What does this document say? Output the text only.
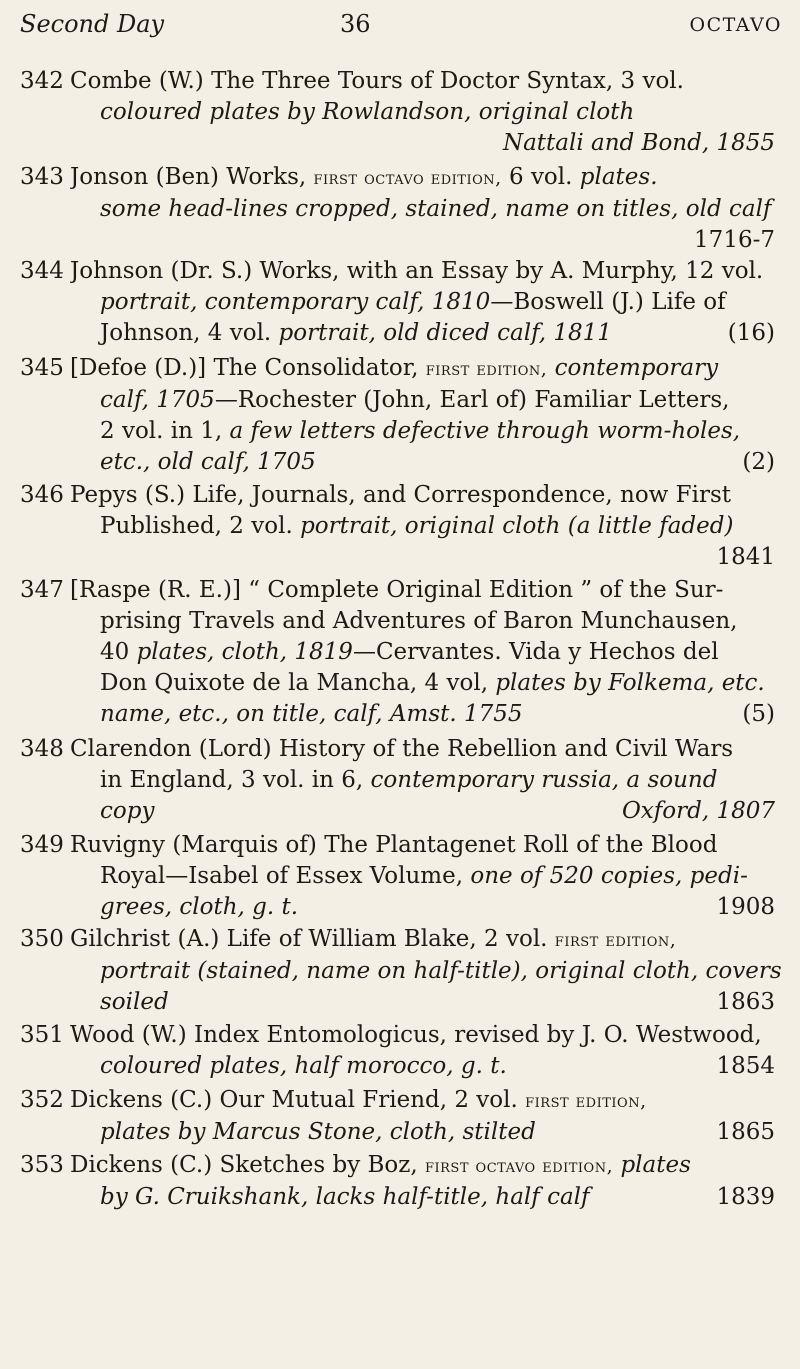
Second Day	36	OCTAVO
342 Combe (W.) The Three Tours of Doctor Syntax, 3 vol.
coloured plates by Rowlandson, original cloth
Nattali and Bond, 1855
343 Jonson (Ben) Works, first octavo edition, 6 vol. plates.
some head-lines cropped, stained, name on titles, old calf
1716-7
344 Johnson (Dr. S.) Works, with an Essay by A. Murphy, 12 vol.
portrait, contemporary calf, 1810—Boswell (J.) Life of
Johnson, 4 vol. portrait, old diced calf, 1811	(16)
345 [Defoe (D.)] The Consolidator, first edition, contemporary
calf, 1705—Rochester (John, Earl of) Familiar Letters,
2 vol. in 1, a few letters defective through worm-holes,
etc., old calf, 1705	(2)
346 Pepys (S.) Life, Journals, and Correspondence, now First
Published, 2 vol. portrait, original cloth (a little faded)
1841
347 [Raspe (R. E.)] “ Complete Original Edition ” of the Sur-
prising Travels and Adventures of Baron Munchausen,
40 plates, cloth, 1819—Cervantes. Vida y Hechos del
Don Quixote de la Mancha, 4 vol, plates by Folkema, etc.
name, etc., on title, calf, Amst. 1755	(5)
348 Clarendon (Lord) History of the Rebellion and Civil Wars
in England, 3 vol. in 6, contemporary russia, a sound
copy	Oxford, 1807
349 Ruvigny (Marquis of) The Plantagenet Roll of the Blood
Royal—Isabel of Essex Volume, one of 520 copies, pedi-
grees, cloth, g. t.	1908
350 Gilchrist (A.) Life of William Blake, 2 vol. first edition,
portrait (stained, name on half-title), original cloth, covers
soiled	1863
351 Wood (W.) Index Entomologicus, revised by J. O. Westwood,
coloured plates, half morocco, g. t.	1854
352 Dickens (C.) Our Mutual Friend, 2 vol. first edition,
plates by Marcus Stone, cloth, stilted	1865
353 Dickens (C.) Sketches by Boz, first octavo edition, plates
by G. Cruikshank, lacks half-title, half calf	1839
